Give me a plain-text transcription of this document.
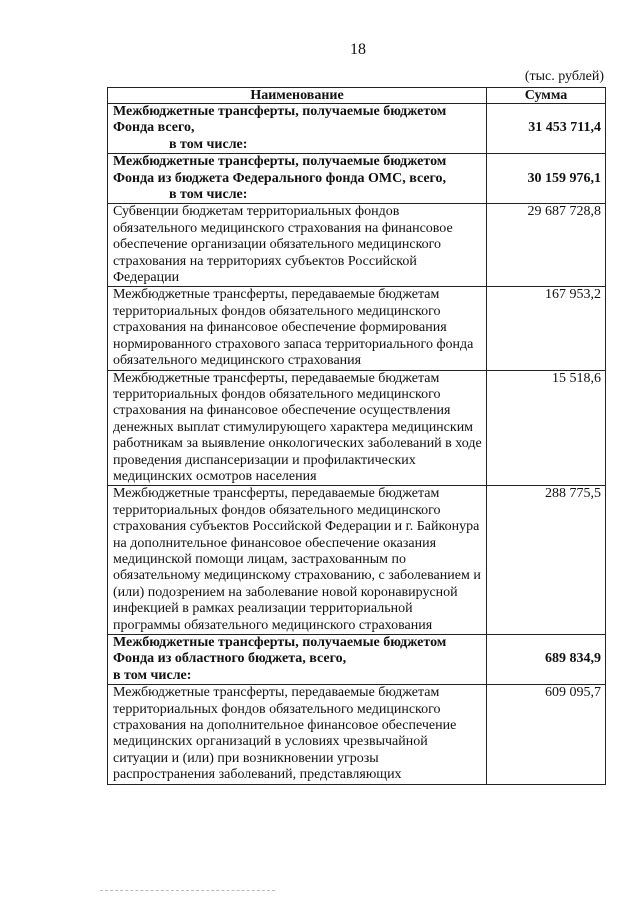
18
(тыс. рублей)
Наименование	Сумма
Межбюджетные трансферты, получаемые бюджетом Фонда всего,
в том числе:	31 453 711,4
Межбюджетные трансферты, получаемые бюджетом Фонда из бюджета Федерального фонда ОМС, всего,
в том числе:	30 159 976,1
Субвенции бюджетам территориальных фондов обязательного медицинского страхования на финансовое обеспечение организации обязательного медицинского страхования на территориях субъектов Российской Федерации	29 687 728,8
Межбюджетные трансферты, передаваемые бюджетам территориальных фондов обязательного медицинского страхования на финансовое обеспечение формирования нормированного страхового запаса территориального фонда обязательного медицинского страхования	167 953,2
Межбюджетные трансферты, передаваемые бюджетам территориальных фондов обязательного медицинского страхования на финансовое обеспечение осуществления денежных выплат стимулирующего характера медицинским работникам за выявление онкологических заболеваний в ходе проведения диспансеризации и профилактических медицинских осмотров населения	15 518,6
Межбюджетные трансферты, передаваемые бюджетам территориальных фондов обязательного медицинского страхования субъектов Российской Федерации и г. Байконура на дополнительное финансовое обеспечение оказания медицинской помощи лицам, застрахованным по обязательному медицинскому страхованию, с заболеванием и (или) подозрением на заболевание новой коронавирусной инфекцией в рамках реализации территориальной программы обязательного медицинского страхования	288 775,5
Межбюджетные трансферты, получаемые бюджетом Фонда из областного бюджета, всего,
в том числе:	689 834,9
Межбюджетные трансферты, передаваемые бюджетам территориальных фондов обязательного медицинского страхования на дополнительное финансовое обеспечение медицинских организаций в условиях чрезвычайной ситуации и (или) при возникновении угрозы распространения заболеваний, представляющих	609 095,7
